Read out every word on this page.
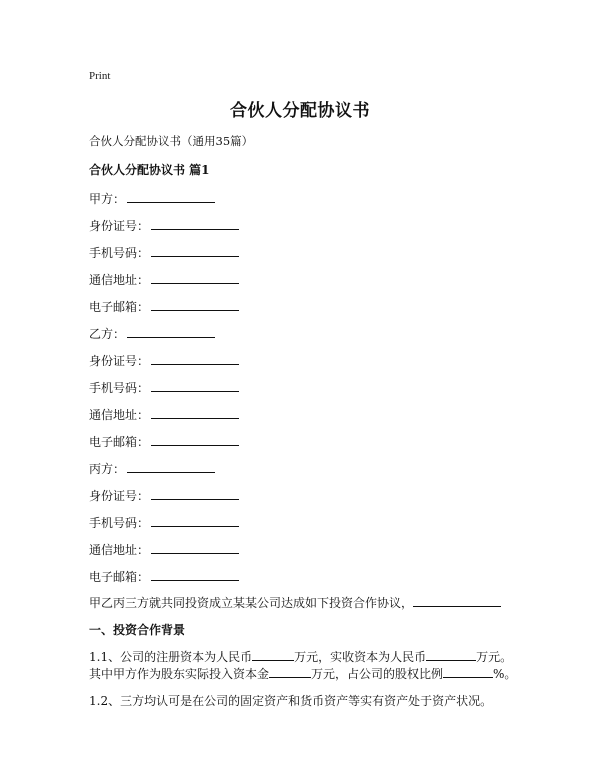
Print
合伙人分配协议书
合伙人分配协议书（通用35篇）
合伙人分配协议书 篇1
甲方：
身份证号：
手机号码：
通信地址：
电子邮箱：
乙方：
身份证号：
手机号码：
通信地址：
电子邮箱：
丙方：
身份证号：
手机号码：
通信地址：
电子邮箱：
甲乙丙三方就共同投资成立某某公司达成如下投资合作协议，
一、投资合作背景
1.1、公司的注册资本为人民币	万元，实收资本为人民币	万元。
其中甲方作为股东实际投入资本金	万元，占公司的股权比例	%。
1.2、三方均认可是在公司的固定资产和货币资产等实有资产处于资产状况。
